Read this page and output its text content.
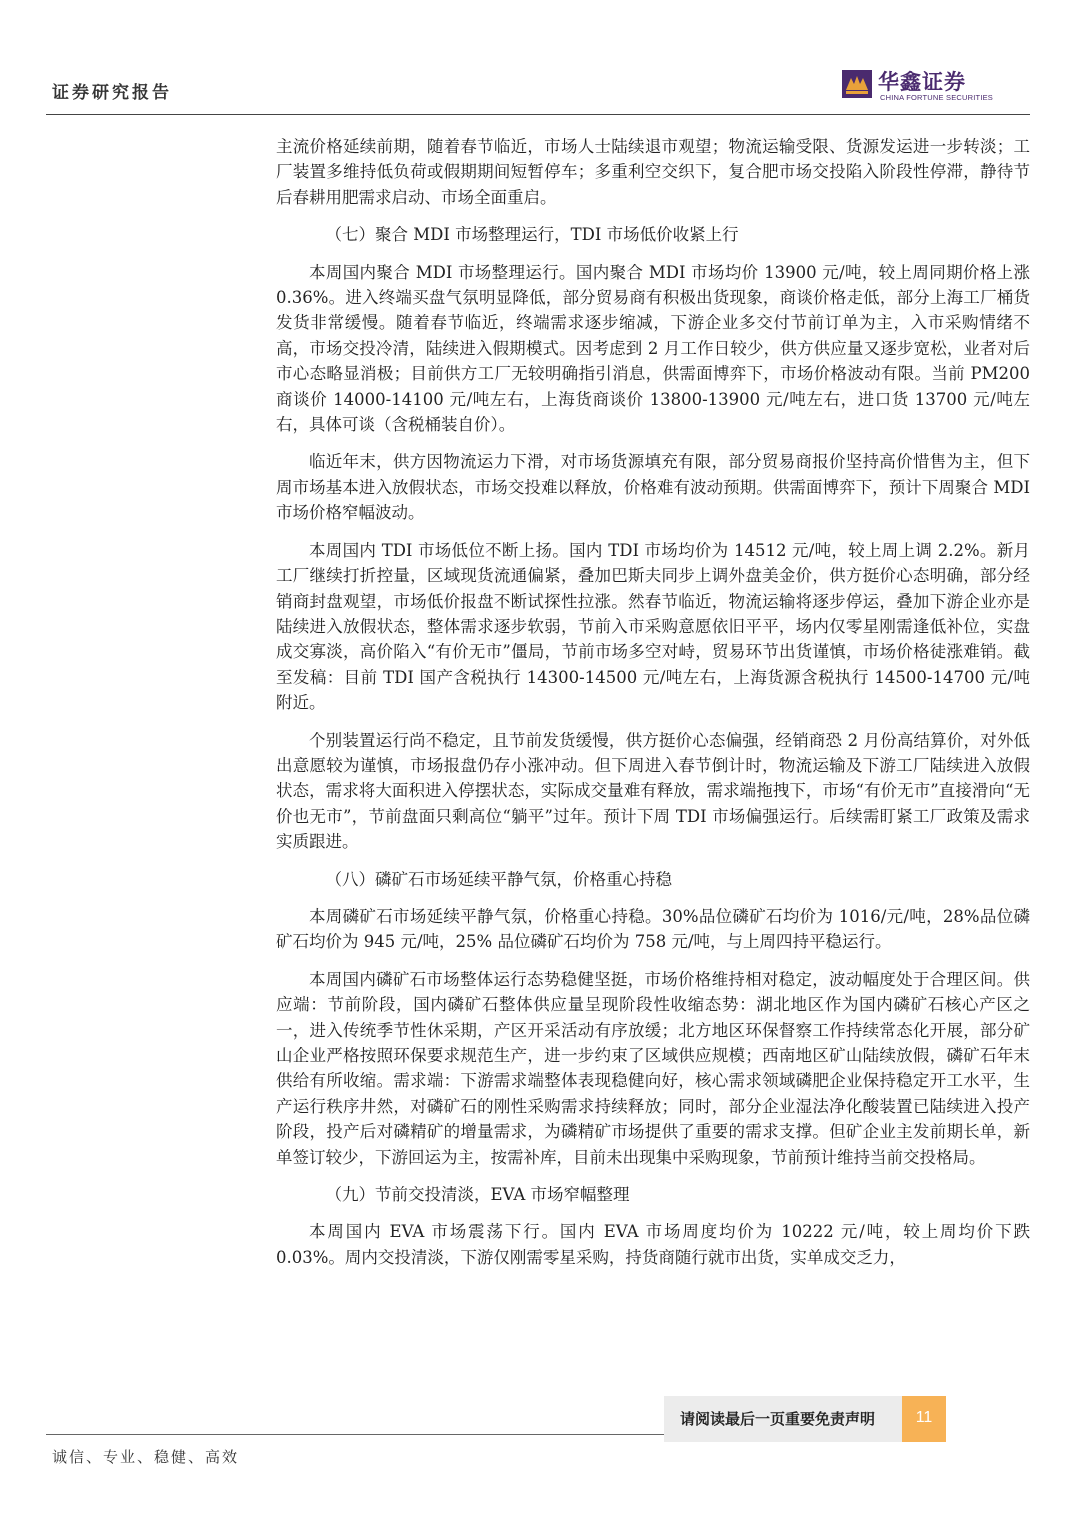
证券研究报告	华鑫证券
CHINA FORTUNE SECURITIES

主流价格延续前期，随着春节临近，市场人士陆续退市观望；物流运输受限、货源发运进一步转淡；工厂装置多维持低负荷或假期期间短暂停车；多重利空交织下，复合肥市场交投陷入阶段性停滞，静待节后春耕用肥需求启动、市场全面重启。

（七）聚合 MDI 市场整理运行，TDI 市场低价收紧上行

本周国内聚合 MDI 市场整理运行。国内聚合 MDI 市场均价 13900 元/吨，较上周同期价格上涨 0.36%。进入终端买盘气氛明显降低，部分贸易商有积极出货现象，商谈价格走低，部分上海工厂桶货发货非常缓慢。随着春节临近，终端需求逐步缩减，下游企业多交付节前订单为主，入市采购情绪不高，市场交投冷清，陆续进入假期模式。因考虑到 2 月工作日较少，供方供应量又逐步宽松，业者对后市心态略显消极；目前供方工厂无较明确指引消息，供需面博弈下，市场价格波动有限。当前 PM200 商谈价 14000-14100 元/吨左右，上海货商谈价 13800-13900 元/吨左右，进口货 13700 元/吨左右，具体可谈（含税桶装自价）。

临近年末，供方因物流运力下滑，对市场货源填充有限，部分贸易商报价坚持高价惜售为主，但下周市场基本进入放假状态，市场交投难以释放，价格难有波动预期。供需面博弈下，预计下周聚合 MDI 市场价格窄幅波动。

本周国内 TDI 市场低位不断上扬。国内 TDI 市场均价为 14512 元/吨，较上周上调 2.2%。新月工厂继续打折控量，区域现货流通偏紧，叠加巴斯夫同步上调外盘美金价，供方挺价心态明确，部分经销商封盘观望，市场低价报盘不断试探性拉涨。然春节临近，物流运输将逐步停运，叠加下游企业亦是陆续进入放假状态，整体需求逐步软弱，节前入市采购意愿依旧平平，场内仅零星刚需逢低补位，实盘成交寡淡，高价陷入“有价无市”僵局，节前市场多空对峙，贸易环节出货谨慎，市场价格徒涨难销。截至发稿：目前 TDI 国产含税执行 14300-14500 元/吨左右，上海货源含税执行 14500-14700 元/吨附近。

个别装置运行尚不稳定，且节前发货缓慢，供方挺价心态偏强，经销商恐 2 月份高结算价，对外低出意愿较为谨慎，市场报盘仍存小涨冲动。但下周进入春节倒计时，物流运输及下游工厂陆续进入放假状态，需求将大面积进入停摆状态，实际成交量难有释放，需求端拖拽下，市场“有价无市”直接滑向“无价也无市”，节前盘面只剩高位“躺平”过年。预计下周 TDI 市场偏强运行。后续需盯紧工厂政策及需求实质跟进。

（八）磷矿石市场延续平静气氛，价格重心持稳

本周磷矿石市场延续平静气氛，价格重心持稳。30%品位磷矿石均价为 1016/元/吨，28%品位磷矿石均价为 945 元/吨，25% 品位磷矿石均价为 758 元/吨，与上周四持平稳运行。

本周国内磷矿石市场整体运行态势稳健坚挺，市场价格维持相对稳定，波动幅度处于合理区间。供应端：节前阶段，国内磷矿石整体供应量呈现阶段性收缩态势：湖北地区作为国内磷矿石核心产区之一，进入传统季节性休采期，产区开采活动有序放缓；北方地区环保督察工作持续常态化开展，部分矿山企业严格按照环保要求规范生产，进一步约束了区域供应规模；西南地区矿山陆续放假，磷矿石年末供给有所收缩。需求端：下游需求端整体表现稳健向好，核心需求领域磷肥企业保持稳定开工水平，生产运行秩序井然，对磷矿石的刚性采购需求持续释放；同时，部分企业湿法净化酸装置已陆续进入投产阶段，投产后对磷精矿的增量需求，为磷精矿市场提供了重要的需求支撑。但矿企业主发前期长单，新单签订较少，下游回运为主，按需补库，目前未出现集中采购现象，节前预计维持当前交投格局。

（九）节前交投清淡，EVA 市场窄幅整理

本周国内 EVA 市场震荡下行。国内 EVA 市场周度均价为 10222 元/吨，较上周均价下跌 0.03%。周内交投清淡，下游仅刚需零星采购，持货商随行就市出货，实单成交乏力，

请阅读最后一页重要免责声明	11
诚信、专业、稳健、高效
